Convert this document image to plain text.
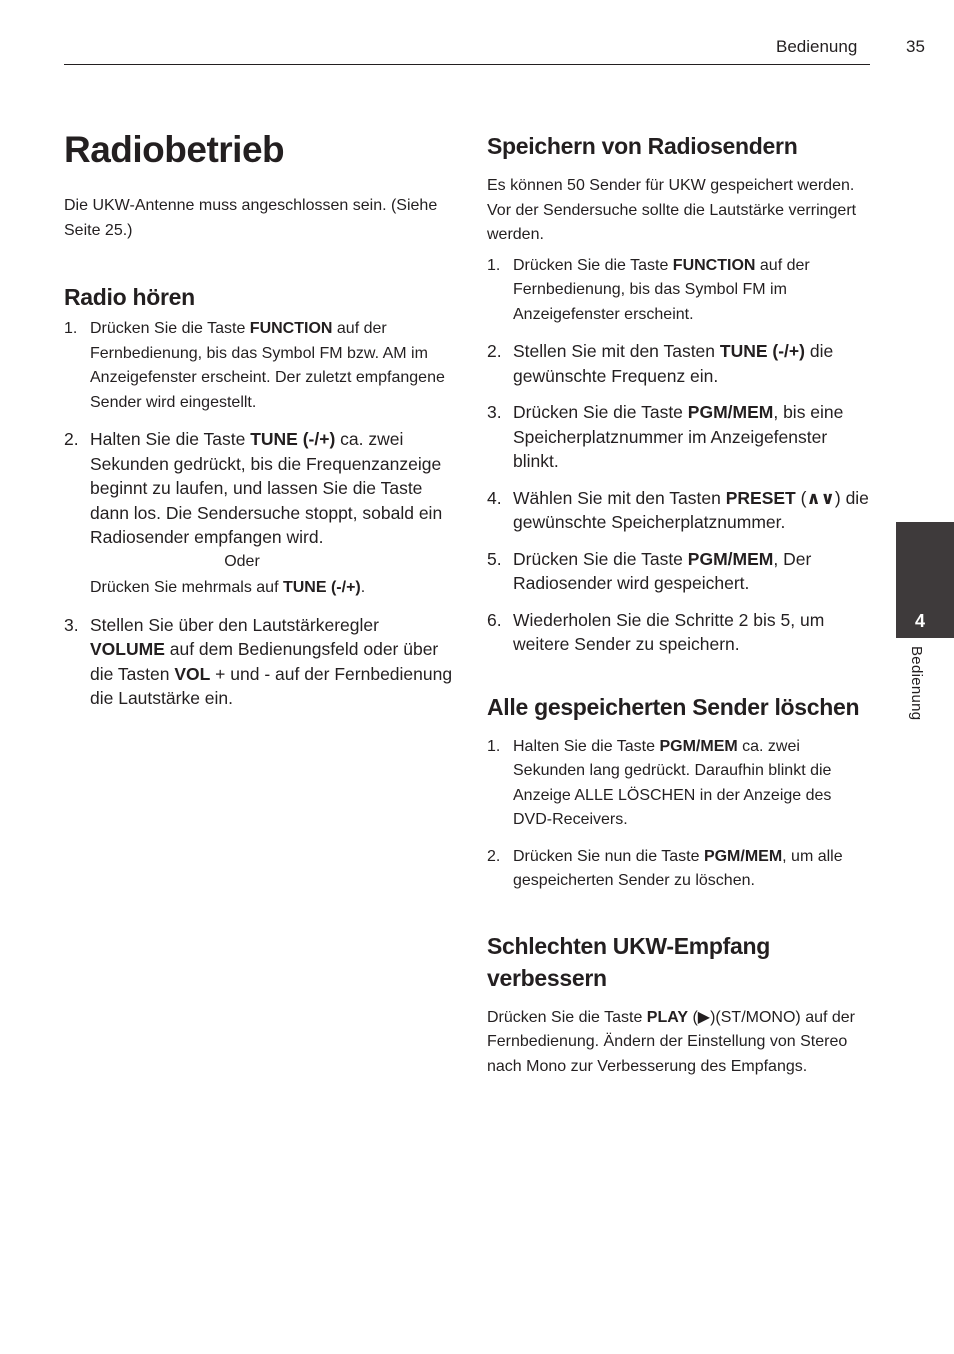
Bedienung	35
Radiobetrieb

Die UKW-Antenne muss angeschlossen sein. (Siehe Seite 25.)

Radio hören
1. Drücken Sie die Taste FUNCTION auf der Fernbedienung, bis das Symbol FM bzw. AM im Anzeigefenster erscheint. Der zuletzt empfangene Sender wird eingestellt.
2. Halten Sie die Taste TUNE (-/+) ca. zwei Sekunden gedrückt, bis die Frequenzanzeige beginnt zu laufen, und lassen Sie die Taste dann los. Die Sendersuche stoppt, sobald ein Radiosender empfangen wird.
Oder
Drücken Sie mehrmals auf TUNE (-/+).
3. Stellen Sie über den Lautstärkeregler VOLUME auf dem Bedienungsfeld oder über die Tasten VOL + und - auf der Fernbedienung die Lautstärke ein.
Speichern von Radiosendern

Es können 50 Sender für UKW gespeichert werden. Vor der Sendersuche sollte die Lautstärke verringert werden.

1. Drücken Sie die Taste FUNCTION auf der Fernbedienung, bis das Symbol FM im Anzeigefenster erscheint.
2. Stellen Sie mit den Tasten TUNE (-/+) die gewünschte Frequenz ein.
3. Drücken Sie die Taste PGM/MEM, bis eine Speicherplatznummer im Anzeigefenster blinkt.
4. Wählen Sie mit den Tasten PRESET (∧∨) die gewünschte Speicherplatznummer.
5. Drücken Sie die Taste PGM/MEM, Der Radiosender wird gespeichert.
6. Wiederholen Sie die Schritte 2 bis 5, um weitere Sender zu speichern.
Alle gespeicherten Sender löschen
1. Halten Sie die Taste PGM/MEM ca. zwei Sekunden lang gedrückt. Daraufhin blinkt die Anzeige ALLE LÖSCHEN in der Anzeige des DVD-Receivers.
2. Drücken Sie nun die Taste PGM/MEM, um alle gespeicherten Sender zu löschen.
Schlechten UKW-Empfang verbessern

Drücken Sie die Taste PLAY (▶)(ST/MONO) auf der Fernbedienung. Ändern der Einstellung von Stereo nach Mono zur Verbesserung des Empfangs.

4
Bedienung
